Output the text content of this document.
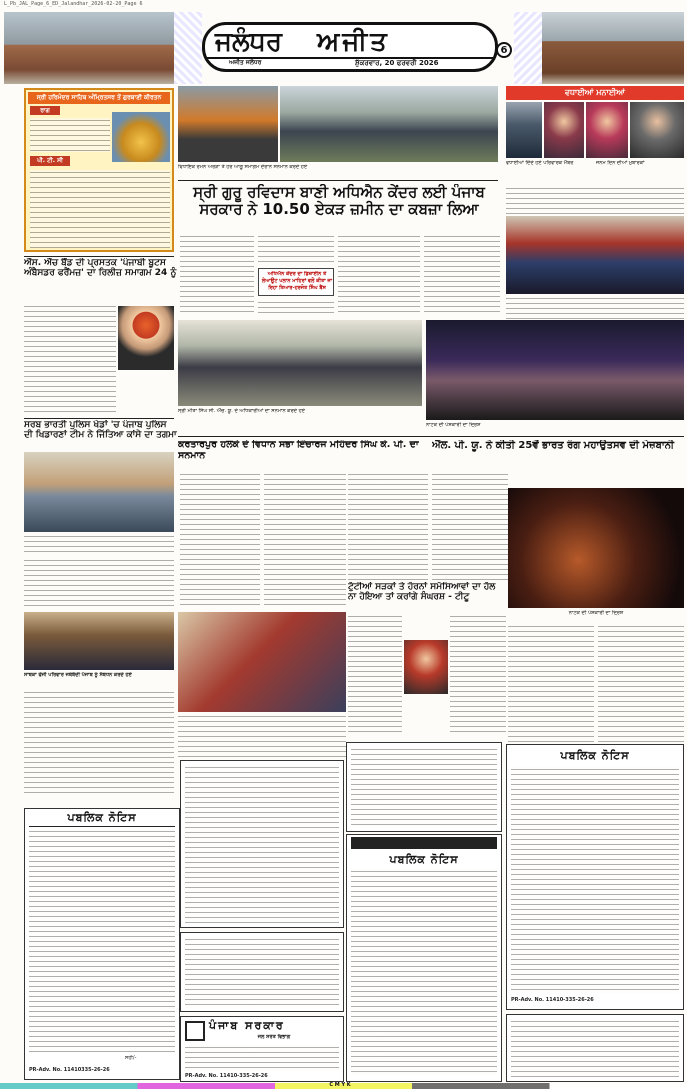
L_Pb_JAL_Page_6_ED_Jalandhar_2026-02-20_Page 6
ਜਲੰਧਰ	ਅਜੀਤ
ਅਜੀਤ ਜਲੰਧਰ	ਸ਼ੁੱਕਰਵਾਰ, 20 ਫਰਵਰੀ 2026
6
ਸ੍ਰੀ ਹਰਿਮੰਦਰ ਸਾਹਿਬ ਅੰਮ੍ਰਿਤਸਰ ਤੋਂ ਗੁਰਬਾਣੀ ਕੀਰਤਨ
ਰਾਗ
ਪੀ. ਟੀ. ਸੀ
ਐੱਸ. ਐੱਚ ਬੈਂਡ ਦੀ ਪ੍ਰਸਤਕ 'ਪੰਜਾਬੀ ਬੂਟਸ ਅੰਬੈਸਡਰ ਫਰੈਂਮਜ਼' ਦਾ ਰਿਲੀਜ਼ ਸਮਾਗਮ 24 ਨੂੰ
ਸਰਬ ਭਾਰਤੀ ਪੁਲਿਸ ਖੇਡਾਂ 'ਚ ਪੰਜਾਬ ਪੁਲਿਸ ਦੀ ਖਿਡਾਰਣਾਂ ਟੀਮ ਨੇ ਜਿੱਤਿਆ ਕਾਂਸੇ ਦਾ ਤਗਮਾ
ਸਾਬਕਾ ਫੌਜੀ ਪਰਿਵਾਰ ਜਥੇਬੰਦੀ ਪੰਜਾਬ ਨੂੰ ਸੰਬੋਧਨ ਕਰਦੇ ਹੋਏ
ਪਬਲਿਕ ਨੋਟਿਸ
ਸਹੀ/-
PR-Adv. No. 11410335-26-26
ਵਿਧਾਇਕ ਰਮਨ ਅਰੋੜਾ ਤੇ ਹੋਰ ਆਗੂ ਸਮਾਗਮ ਦੌਰਾਨ ਸਨਮਾਨ ਕਰਦੇ ਹੋਏ
ਸ੍ਰੀ ਗੁਰੂ ਰਵਿਦਾਸ ਬਾਣੀ ਅਧਿਐਨ ਕੇਂਦਰ ਲਈ ਪੰਜਾਬ ਸਰਕਾਰ ਨੇ 10.50 ਏਕੜ ਜ਼ਮੀਨ ਦਾ ਕਬਜ਼ਾ ਲਿਆ
ਅਧਿਐਨ ਕੇਂਦਰ ਦਾ ਡਿਜ਼ਾਈਨ ਤੇ ਲੇਆਊਟ ਪਲਾਨ ਮਾਹਿਰਾਂ ਵਲੋਂ ਕੀਤਾ ਜਾ ਰਿਹਾ ਤਿਆਰ-ਹਰਜੋਤ ਸਿੰਘ ਬੈਂਸ
ਸ੍ਰੀ ਮੀਤਾ ਸਿੰਘ ਸੀ. ਐੱਚ. ਯੂ. ਦੇ ਅਧਿਕਾਰੀਆਂ ਦਾ ਸਨਮਾਨ ਕਰਦੇ ਹੋਏ
ਵਧਾਈਆਂ ਮਨਾਈਆਂ
ਵਧਾਈਆਂ ਦਿੰਦੇ ਹੋਏ ਪਰਿਵਾਰਕ ਮੈਂਬਰ	ਜਨਮ ਦਿਨ ਦੀਆਂ ਮੁਬਾਰਕਾਂ
ਨਾਟਕ ਦੀ ਪੇਸ਼ਕਾਰੀ ਦਾ ਦ੍ਰਿਸ਼
ਕਰਤਾਰਪੁਰ ਹਲਕੇ ਦੇ ਵਿਧਾਨ ਸਭਾ ਇੰਚਾਰਜ ਮਹਿੰਦਰ ਸਿੰਘ ਕੇ. ਪੀ. ਦਾ ਸਨਮਾਨ
ਐੱਲ. ਪੀ. ਯੂ. ਨੇ ਕੀਤੀ 25ਵੇਂ ਭਾਰਤ ਰੰਗ ਮਹਾਉਤਸਵ ਦੀ ਮੇਜ਼ਬਾਨੀ
ਨਾਟਕ ਦੀ ਪੇਸ਼ਕਾਰੀ ਦਾ ਦ੍ਰਿਸ਼
ਟੁੱਟੀਆਂ ਸੜਕਾਂ ਤੇ ਹੋਰਨਾਂ ਸਮੱਸਿਆਵਾਂ ਦਾ ਹੱਲ ਨਾ ਹੋਇਆ ਤਾਂ ਕਰਾਂਗੇ ਸੰਘਰਸ਼ - ਟੀਟੂ
ਪਬਲਿਕ ਨੋਟਿਸ
ਪੰਜਾਬ ਸਰਕਾਰ
ਜਲ ਸਰੋਤ ਵਿਭਾਗ
PR-Adv. No. 11410-335-26-26
ਪਬਲਿਕ ਨੋਟਿਸ
PR-Adv. No. 11410-335-26-26
C M Y K
